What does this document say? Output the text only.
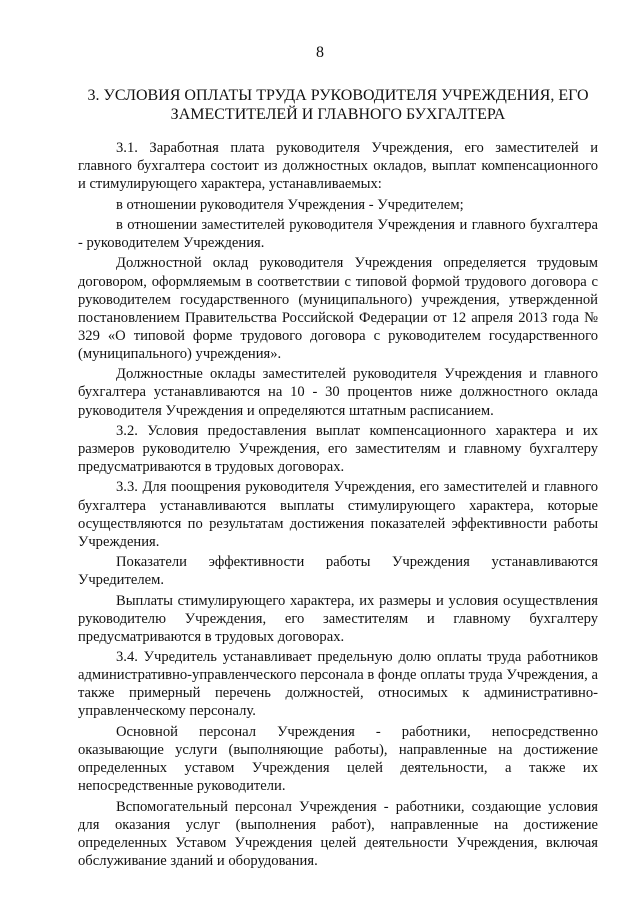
8
3. УСЛОВИЯ ОПЛАТЫ ТРУДА РУКОВОДИТЕЛЯ УЧРЕЖДЕНИЯ, ЕГО ЗАМЕСТИТЕЛЕЙ И ГЛАВНОГО БУХГАЛТЕРА

3.1. Заработная плата руководителя Учреждения, его заместителей и главного бухгалтера состоит из должностных окладов, выплат компенсационного и стимулирующего характера, устанавливаемых:

в отношении руководителя Учреждения - Учредителем;

в отношении заместителей руководителя Учреждения и главного бухгалтера - руководителем Учреждения.

Должностной оклад руководителя Учреждения определяется трудовым договором, оформляемым в соответствии с типовой формой трудового договора с руководителем государственного (муниципального) учреждения, утвержденной постановлением Правительства Российской Федерации от 12 апреля 2013 года № 329 «О типовой форме трудового договора с руководителем государственного (муниципального) учреждения».

Должностные оклады заместителей руководителя Учреждения и главного бухгалтера устанавливаются на 10 - 30 процентов ниже должностного оклада руководителя Учреждения и определяются штатным расписанием.

3.2. Условия предоставления выплат компенсационного характера и их размеров руководителю Учреждения, его заместителям и главному бухгалтеру предусматриваются в трудовых договорах.

3.3. Для поощрения руководителя Учреждения, его заместителей и главного бухгалтера устанавливаются выплаты стимулирующего характера, которые осуществляются по результатам достижения показателей эффективности работы Учреждения.

Показатели эффективности работы Учреждения устанавливаются Учредителем.

Выплаты стимулирующего характера, их размеры и условия осуществления руководителю Учреждения, его заместителям и главному бухгалтеру предусматриваются в трудовых договорах.

3.4. Учредитель устанавливает предельную долю оплаты труда работников административно-управленческого персонала в фонде оплаты труда Учреждения, а также примерный перечень должностей, относимых к административно-управленческому персоналу.

Основной персонал Учреждения - работники, непосредственно оказывающие услуги (выполняющие работы), направленные на достижение определенных уставом Учреждения целей деятельности, а также их непосредственные руководители.

Вспомогательный персонал Учреждения - работники, создающие условия для оказания услуг (выполнения работ), направленные на достижение определенных Уставом Учреждения целей деятельности Учреждения, включая обслуживание зданий и оборудования.
